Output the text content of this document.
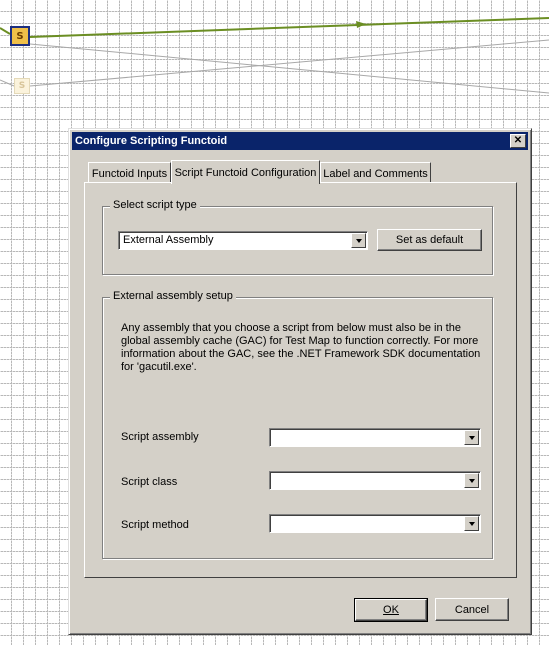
S
S
Configure Scripting Functoid	✕
Functoid Inputs Script Functoid Configuration Label and Comments
Select script type
External Assembly	Set as default
External assembly setup
Any assembly that you choose a script from below must also be in the global assembly cache (GAC) for Test Map to function correctly. For more information about the GAC, see the .NET Framework SDK documentation for 'gacutil.exe'.
Script assembly
Script class
Script method
OK	Cancel
